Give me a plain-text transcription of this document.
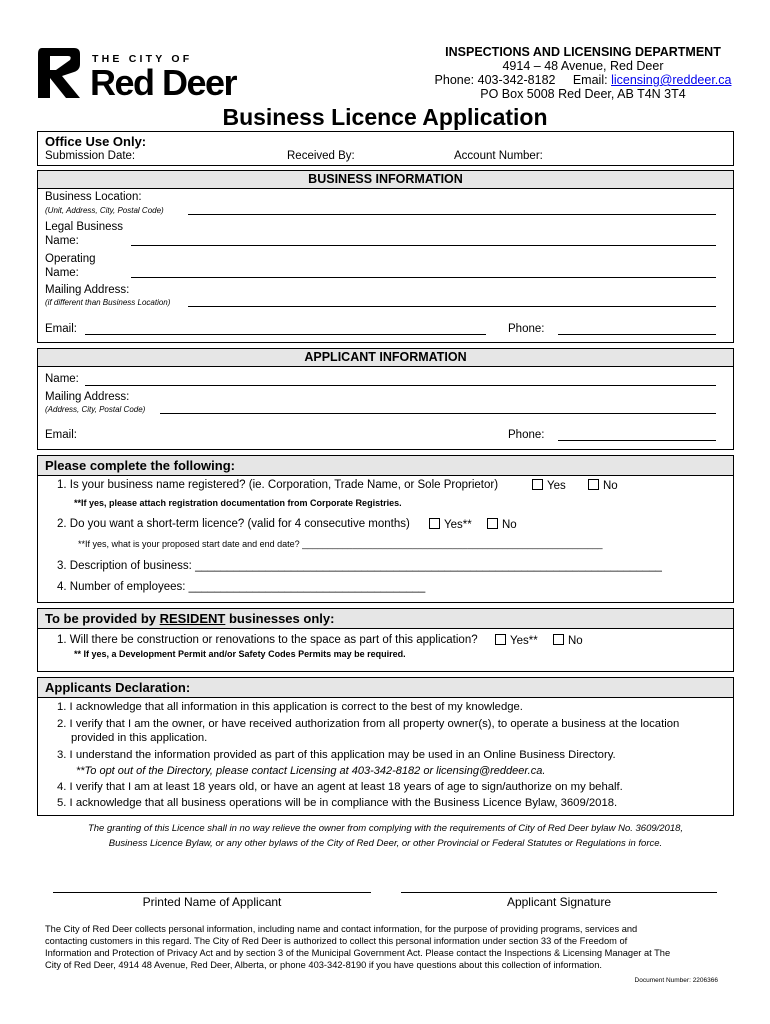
THE CITY OF
Red Deer
INSPECTIONS AND LICENSING DEPARTMENT
4914 – 48 Avenue, Red Deer
Phone: 403-342-8182 Email: licensing@reddeer.ca
PO Box 5008 Red Deer, AB T4N 3T4
Business Licence Application
Office Use Only:
Submission Date:	Received By:	Account Number:
BUSINESS INFORMATION
Business Location:
(Unit, Address, City, Postal Code)
Legal Business
Name:
Operating
Name:
Mailing Address:
(if different than Business Location)
Email:	Phone:
APPLICANT INFORMATION
Name:
Mailing Address:
(Address, City, Postal Code)
Email:	Phone:
Please complete the following:
1. Is your business name registered? (ie. Corporation, Trade Name, or Sole Proprietor)	Yes	No
**If yes, please attach registration documentation from Corporate Registries.
2. Do you want a short-term licence? (valid for 4 consecutive months)	Yes**	No
**If yes, what is your proposed start date and end date? ____________________________________________________________
3. Description of business: _________________________________________________________________________
4. Number of employees: _____________________________________
To be provided by RESIDENT businesses only:
1. Will there be construction or renovations to the space as part of this application?	Yes**	No
** If yes, a Development Permit and/or Safety Codes Permits may be required.
Applicants Declaration:
1. I acknowledge that all information in this application is correct to the best of my knowledge.
2. I verify that I am the owner, or have received authorization from all property owner(s), to operate a business at the location
provided in this application.
3. I understand the information provided as part of this application may be used in an Online Business Directory.
**To opt out of the Directory, please contact Licensing at 403-342-8182 or licensing@reddeer.ca.
4. I verify that I am at least 18 years old, or have an agent at least 18 years of age to sign/authorize on my behalf.
5. I acknowledge that all business operations will be in compliance with the Business Licence Bylaw, 3609/2018.
The granting of this Licence shall in no way relieve the owner from complying with the requirements of City of Red Deer bylaw No. 3609/2018,
Business Licence Bylaw, or any other bylaws of the City of Red Deer, or other Provincial or Federal Statutes or Regulations in force.
Printed Name of Applicant	Applicant Signature
The City of Red Deer collects personal information, including name and contact information, for the purpose of providing programs, services and
contacting customers in this regard. The City of Red Deer is authorized to collect this personal information under section 33 of the Freedom of
Information and Protection of Privacy Act and by section 3 of the Municipal Government Act. Please contact the Inspections & Licensing Manager at The
City of Red Deer, 4914 48 Avenue, Red Deer, Alberta, or phone 403-342-8190 if you have questions about this collection of information.
Document Number: 2206366
